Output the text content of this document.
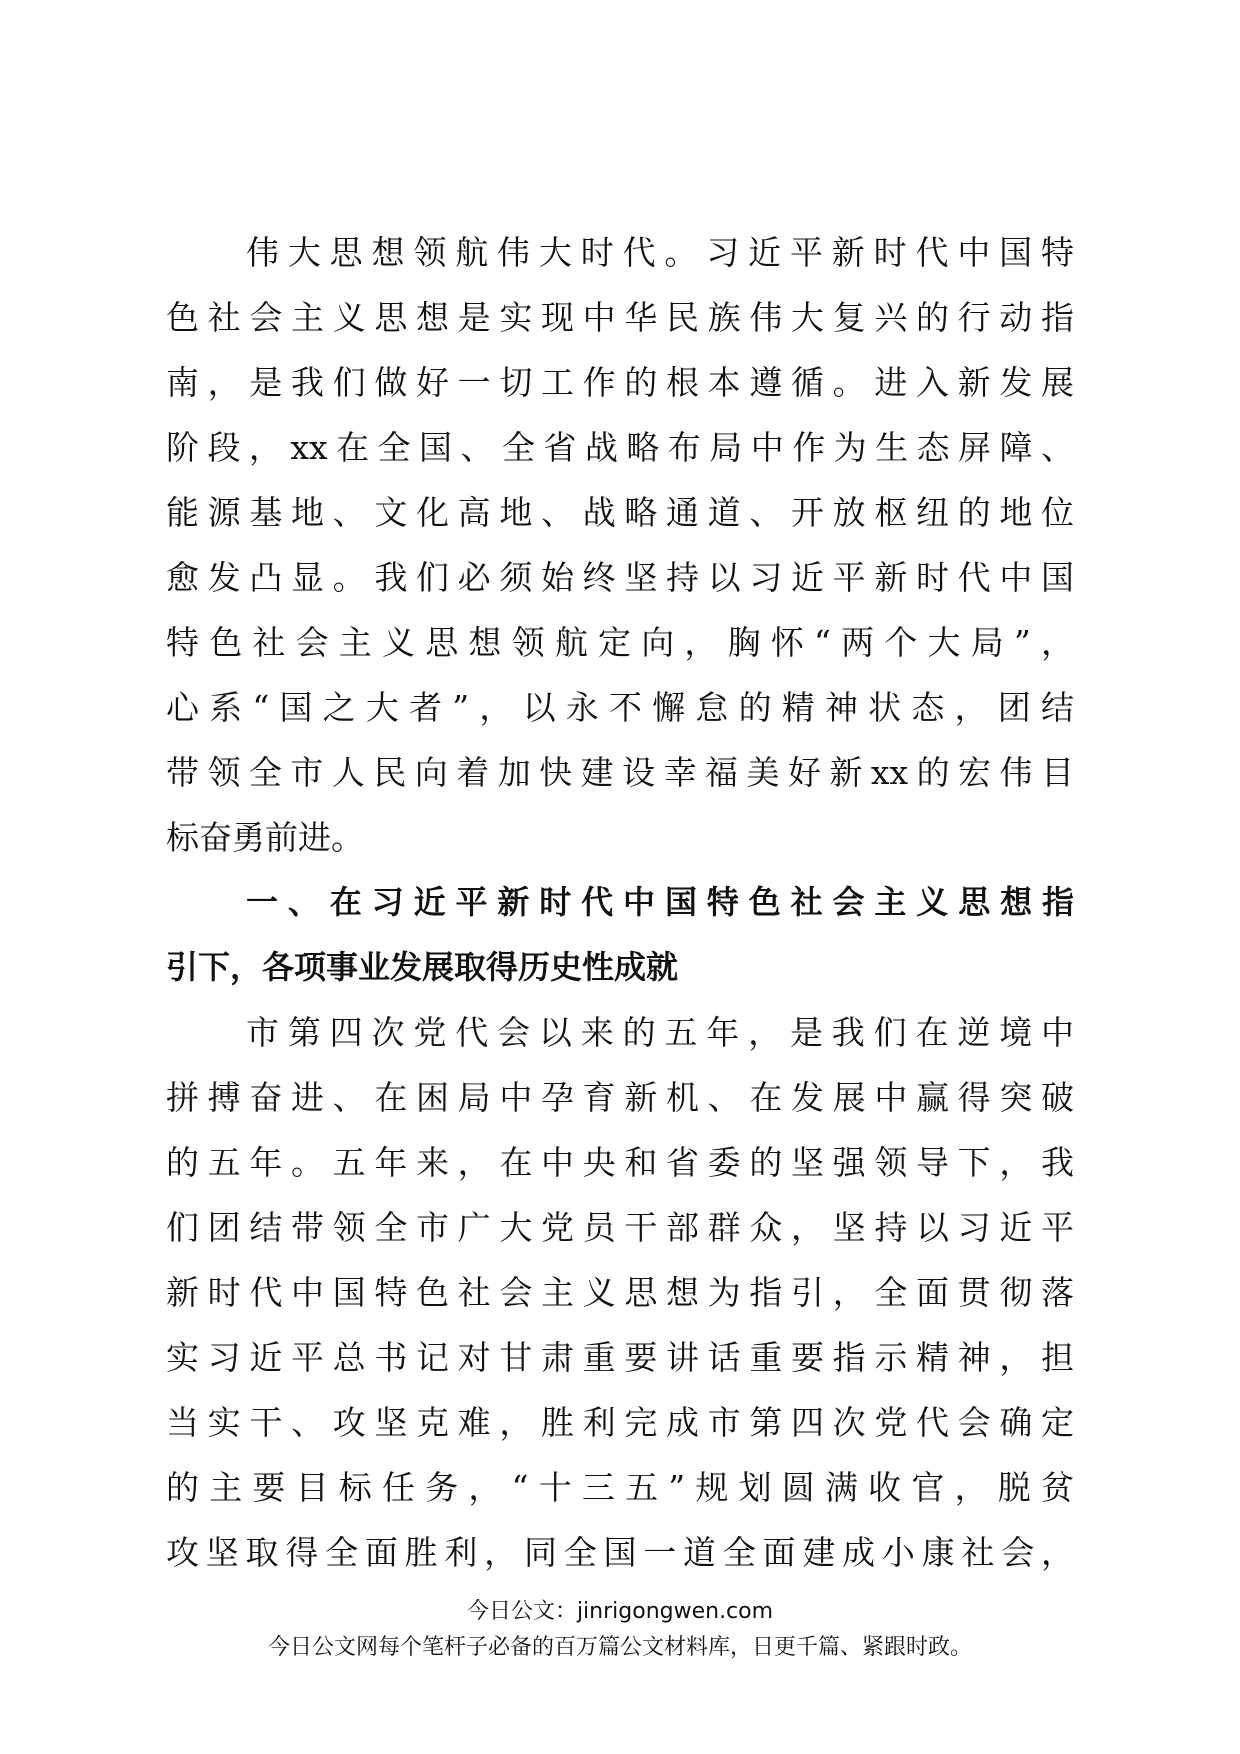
伟大思想领航伟大时代。习近平新时代中国特
色社会主义思想是实现中华民族伟大复兴的行动指
南，是我们做好一切工作的根本遵循。进入新发展
阶段，xx在全国、全省战略布局中作为生态屏障、
能源基地、文化高地、战略通道、开放枢纽的地位
愈发凸显。我们必须始终坚持以习近平新时代中国
特色社会主义思想领航定向，胸怀“两个大局”，
心系“国之大者”，以永不懈怠的精神状态，团结
带领全市人民向着加快建设幸福美好新xx的宏伟目
标奋勇前进。
一、在习近平新时代中国特色社会主义思想指
引下，各项事业发展取得历史性成就
市第四次党代会以来的五年，是我们在逆境中
拼搏奋进、在困局中孕育新机、在发展中赢得突破
的五年。五年来，在中央和省委的坚强领导下，我
们团结带领全市广大党员干部群众，坚持以习近平
新时代中国特色社会主义思想为指引，全面贯彻落
实习近平总书记对甘肃重要讲话重要指示精神，担
当实干、攻坚克难，胜利完成市第四次党代会确定
的主要目标任务，“十三五”规划圆满收官，脱贫
攻坚取得全面胜利，同全国一道全面建成小康社会，
今日公文：jinrigongwen.com
今日公文网每个笔杆子必备的百万篇公文材料库，日更千篇、紧跟时政。
